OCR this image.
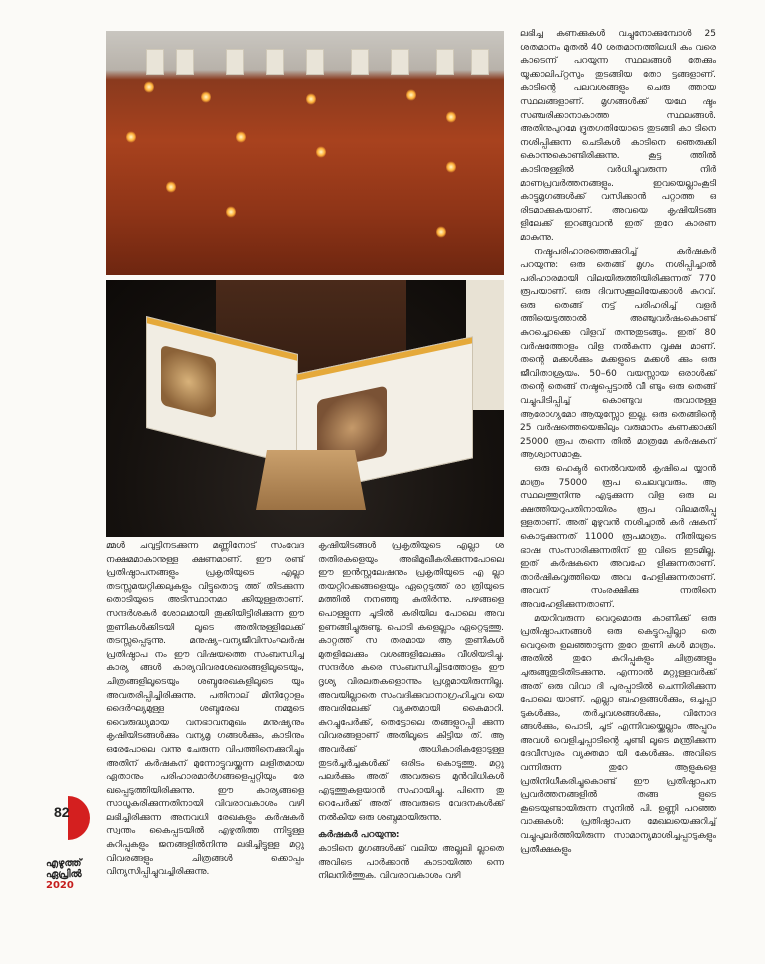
മ്മൾ ചവുട്ടിനടക്കുന്ന മണ്ണിനോട് സംവേദ നക്ഷമമാകാനുള്ള ക്ഷണമാണ്. ഈ രണ്ട് പ്രതിഷ്ഠാപനങ്ങളും പ്രകൃതിയുടെ എല്ലാ തടസ്സമയറ്റിക്കലുകളും വിട്ടുതൊടു ത്ത് തിടക്കുന്ന തൊടിയുടെ അടിസ്ഥാനമാ ക്കിയുള്ളതാണ്. സന്ദർശകർ ശോലമായി തൂക്കിയിട്ടിരിക്കുന്ന ഈ തുണികൾക്കിടയി ലൂടെ അതിനുള്ളിലേക്ക് തടസ്സപ്പെടുന്നു. മനുഷ്യ–വന്യജീവിസംഘർഷ പ്രതിഷ്ഠാപ നം ഈ വിഷയത്തെ സംബന്ധിച്ച കാര്യ ങ്ങൾ കാര്യവിവരശേഖരങ്ങളിലൂടെയും, ചിത്രങ്ങളിലൂടെയും ശബ്ദരേഖകളിലൂടെ യും അവതരിപ്പിച്ചിരിക്കുന്നു. പതിനാല് മിനിറ്റോളം ദൈർഘ്യമുള്ള ശബ്ദരേഖ നമ്മുടെ വൈരുദ്ധ്യമായ വനഭാവനമുഖം മനുഷ്യനും കൃഷിയിടങ്ങൾക്കും വന്യമൃ ഗങ്ങൾക്കും, കാടിനും ഒരേപോലെ വന്നു ചേരുന്ന വിപത്തിനെക്കുറിച്ചും അതിന് കർഷകന് മുന്നോട്ടുവയ്ക്കുന്ന ലളിതമായ ഏതാനും പരിഹാരമാർഗങ്ങളെപ്പറ്റിയും രേ ഖപ്പെടുത്തിയിരിക്കുന്നു. ഈ കാര്യങ്ങളെ സാധൂകരിക്കുന്നതിനായി വിവരാവകാശം വഴി ലഭിച്ചിരിക്കുന്ന അനവധി രേഖകളും കർഷകർ സ്വന്തം കൈപ്പടയിൽ എഴുതിത്ത ന്നിട്ടുള്ള കുറിപ്പുകളും ജനങ്ങളിൽനിന്നു ലഭിച്ചിട്ടുള്ള മറ്റു വിവരങ്ങളും ചിത്രങ്ങൾ ക്കൊപ്പം വിന്യസിപ്പിച്ചുവച്ചിരിക്കുന്നു.

കൃഷിയിടങ്ങൾ പ്രകൃതിയുടെ എല്ലാ ശ തതിരകളെയും അഭിമുഖീകരിക്കുന്നപോലെ ഈ ഇൻസ്റ്റലേഷനും പ്രകൃതിയുടെ എ ല്ലാ തയറ്റിറക്കങ്ങളെയും ഏറ്റെടുത്ത് രാ ത്രിയുടെ മത്തിൽ നനഞ്ഞു കുതിർന്നു. പഴങ്ങളെ പൊള്ളുന്ന ചൂടിൽ കരിയില പോലെ അവ ഉണങ്ങിച്ചുരുണ്ടു. പൊടി കളെല്ലാം ഏറ്റെടുത്തു. കാറ്റത്ത് സ തരമായ ആ തുണികൾ മുതളിലേക്കും വശങ്ങളിലേക്കും വീശിയടിച്ചു. സന്ദർശ കരെ സംബന്ധിച്ചിടത്തോളം ഈ ദൃശ്യ വിരലതകളൊന്നും പ്രശ്നമായിരുന്നില്ല. അവയില്ലാതെ സംവദിക്കുവാനാഗ്രഹിച്ചവ യെ അവരിലേക്ക് വ്യക്തമായി കൈമാറി. കുറച്ചുപേർക്ക്, തെട്ടോലെ തങ്ങളുറപ്പി ക്കുന്ന വിവരങ്ങളാണ് അതിലൂടെ കിട്ടിയ ത്. ആ അവർക്ക് അധികാരികളോടുള്ള തുടർച്ചർച്ചകൾക്ക് ഒരിടം കൊടുത്തു. മറ്റു പലർക്കും അത് അവരുടെ മുൻവിധികൾ എടുത്തുകളയാൻ സഹായിച്ചു. പിന്നെ തു റെപേർക്ക് അത് അവരുടെ വേദനകൾക്ക് നൽകിയ ഒരു ശബ്ദമായിരുന്നു.

കർഷകർ പറയുന്നു:

കാടിനെ മൃഗങ്ങൾക്ക് വലിയ അല്ലലി ല്ലാതെ അവിടെ പാർക്കാൻ കാടായിത്ത ന്നെ നിലനിർത്തുക. വിവരാവകാശം വഴി

ലഭിച്ച കണക്കുകൾ വച്ചുനോക്കുമ്പോൾ 25 ശതമാനം മുതൽ 40 ശതമാനത്തിലധി കം വരെ കാടെന്ന് പറയുന്ന സ്ഥലങ്ങൾ തേക്കും യൂക്കാലിപ്റ്റസും തുടങ്ങിയ തോ ട്ടങ്ങളാണ്. കാടിന്റെ പലവശങ്ങളും ചെരു ത്തായ സ്ഥലങ്ങളാണ്. മൃഗങ്ങൾക്ക് യഥേ ഷ്ടം സഞ്ചരിക്കാനാകാത്ത സ്ഥലങ്ങൾ. അതിനുപുറമേ ദ്രുതഗതിയോടെ തുടങ്ങി കാ ടിനെ നശിപ്പിക്കുന്ന ചെടികൾ കാടിനെ ഞെരുക്കി കൊന്നുകൊണ്ടിരിക്കുന്നു. കൂട്ട ത്തിൽ കാടിനുള്ളിൽ വർധിച്ചുവരുന്ന നിർ മാണപ്രവർത്തനങ്ങളും. ഇവയെല്ലാംകൂടി കാട്ടുമൃഗങ്ങൾക്ക് വസിക്കാൻ പറ്റാത്ത ഒ രിടമാക്കുകയാണ്. അവയെ കൃഷിയിടങ്ങ ളിലേക്ക് ഇറങ്ങുവാൻ ഇത് തുറേ കാരണ മാകുന്നു.

നഷ്ടപരിഹാരത്തെക്കുറിച്ച് കർഷകർ പറയുന്നു: ഒരു തെങ്ങ് മൃഗം നശിപ്പിച്ചാൽ പരിഹാരമായി വിലയിരുത്തിയിരിക്കുന്നത് 770 രൂപയാണ്. ഒരു ദിവസക്കൂലിയേക്കാൾ കുറവ്. ഒരു തെങ്ങ് നട്ട് പരിഹരിച്ച് വളർ ത്തിയെടുത്താൽ അഞ്ചുവർഷംകൊണ്ട് കുറച്ചൊക്കെ വിളവ് തന്നുതുടങ്ങും. ഇത് 80 വർഷത്തോളം വിള നൽകുന്ന വൃക്ഷ മാണ്. തന്റെ മക്കൾക്കും മക്കളുടെ മക്കൾ ക്കും ഒരു ജീവിതാശ്രയം. 50–60 വയസ്സായ ഒരാൾക്ക് തന്റെ തെങ്ങ് നഷ്ടപ്പെട്ടാൽ വീ ണ്ടും ഒരു തെങ്ങ് വച്ചുപിടിപ്പിച്ച് കൊണ്ടുവ രുവാനുള്ള ആരോഗ്യമോ ആയുസ്സോ ഇല്ല. ഒരു തെങ്ങിന്റെ 25 വർഷത്തെയെങ്കിലും വരുമാനം കണക്കാക്കി 25000 രൂപ തന്നെ തിൽ മാത്രമേ കർഷകന് ആശ്വാസമാകൂ.

ഒരു ഹെക്ടർ നെൽവയൽ കൃഷിചെ യ്യാൻ മാത്രം 75000 രൂപ ചെലവുവരും. ആ സ്ഥലത്തുനിന്നു എടുക്കുന്ന വിള ഒരു ല ക്ഷത്തിയറുപതിനായിരം രൂപ വിലമതിപ്പു ള്ളതാണ്. അത് മുഴുവൻ നശിച്ചാൽ കർ ഷകന് കൊടുക്കുന്നത് 11000 രൂപമാത്രം. നീതിയുടെ ഭാഷ സംസാരിക്കുന്നതിന് ഇ വിടെ ഇടമില്ല. ഇത് കർഷകനെ അവഹേ ളിക്കുന്നതാണ്. താർഷികവൃത്തിയെ അവ ഹേളിക്കുന്നതാണ്. അവന് സംരക്ഷിക്കു ന്നതിനെ അവഹേളിക്കുന്നതാണ്.

മയറിവരുന്ന വെറുമൊരു കാണിക്ക് ഒരു പ്രതിഷ്ഠാപനങ്ങൾ ഒരു കെട്ടുറപ്പില്ലാ തെ വെറുതെ ഉലഞ്ഞാടുന്ന തുറേ തുണി കൾ മാത്രം. അതിൽ തുറേ കുറിപ്പുകളും ചിത്രങ്ങളും ചുരുങ്ങുതുടിതിടക്കുന്നു. എന്നാൽ മറ്റുള്ളവർക്ക് അത് ഒരു വിവാ ദി പുരപ്പാടിൽ ചെന്നിരിക്കുന്ന പോലെ യാണ്. എല്ലാ ബഹളങ്ങൾക്കും, ഒച്ചപ്പാ ടുകൾക്കും, തർച്ചവശങ്ങൾക്കും, വിനോദ ങ്ങൾക്കും, പൊടി, ചൂട് എന്നിവയ്ക്കെല്ലാം അപ്പുറം അവൾ വെളിച്ചപ്പാടിന്റെ ചൂണ്ടി ലൂടെ മന്ത്രിക്കുന്ന ദേവീസ്വരം വ്യക്തമാ യി കേൾക്കും. അവിടെ വന്നിരുന്ന തുറേ ആളുകളെ പ്രതിനിധീകരിച്ചുകൊണ്ട് ഈ പ്രതിഷ്ഠാപന പ്രവർത്തനങ്ങളിൽ തങ്ങ ളുടെ കൂടെയുണ്ടായിരുന്ന സുനിൽ പി. ഉണ്ണി പറഞ്ഞ വാക്കുകൾ: പ്രതിഷ്ഠാപന മേഖലയെക്കുറിച്ച് വച്ചുപുലർത്തിയിരുന്ന സാമാന്യമാശിച്ചപ്പാടുകളും പ്രതീക്ഷകളും

82
എഴുത്ത്
ഏപ്രിൽ
2020
